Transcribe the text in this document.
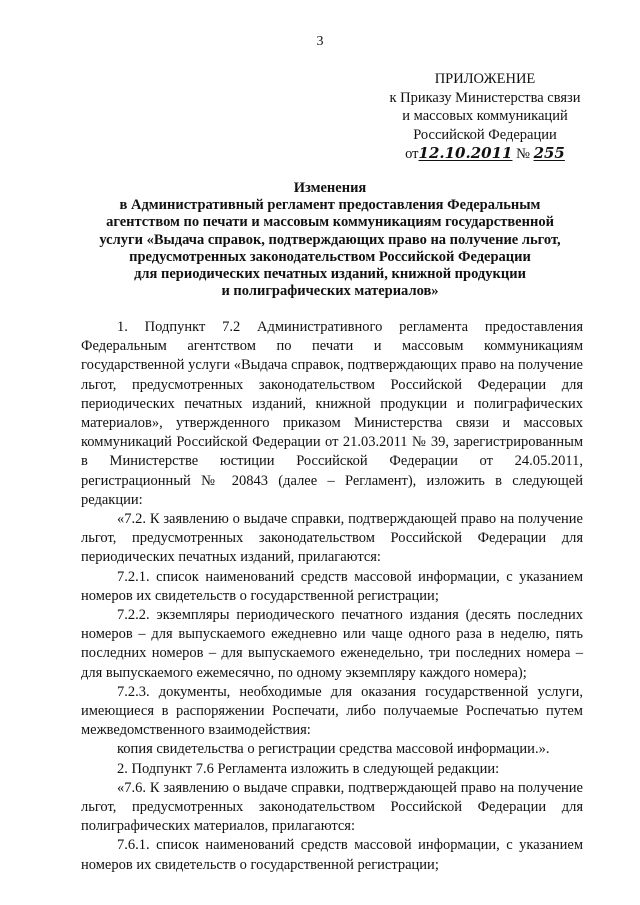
3
ПРИЛОЖЕНИЕ
к Приказу Министерства связи
и массовых коммуникаций
Российской Федерации
от12.10.2011 № 255
Изменения
в Административный регламент предоставления Федеральным
агентством по печати и массовым коммуникациям государственной
услуги «Выдача справок, подтверждающих право на получение льгот,
предусмотренных законодательством Российской Федерации
для периодических печатных изданий, книжной продукции
и полиграфических материалов»

1. Подпункт 7.2 Административного регламента предоставления Федеральным агентством по печати и массовым коммуникациям государственной услуги «Выдача справок, подтверждающих право на получение льгот, предусмотренных законодательством Российской Федерации для периодических печатных изданий, книжной продукции и полиграфических материалов», утвержденного приказом Министерства связи и массовых коммуникаций Российской Федерации от 21.03.2011 № 39, зарегистрированным в Министерстве юстиции Российской Федерации от 24.05.2011, регистрационный № 20843 (далее – Регламент), изложить в следующей редакции:

«7.2. К заявлению о выдаче справки, подтверждающей право на получение льгот, предусмотренных законодательством Российской Федерации для периодических печатных изданий, прилагаются:

7.2.1. список наименований средств массовой информации, с указанием номеров их свидетельств о государственной регистрации;

7.2.2. экземпляры периодического печатного издания (десять последних номеров – для выпускаемого ежедневно или чаще одного раза в неделю, пять последних номеров – для выпускаемого еженедельно, три последних номера – для выпускаемого ежемесячно, по одному экземпляру каждого номера);

7.2.3. документы, необходимые для оказания государственной услуги, имеющиеся в распоряжении Роспечати, либо получаемые Роспечатью путем межведомственного взаимодействия:

копия свидетельства о регистрации средства массовой информации.».

2. Подпункт 7.6 Регламента изложить в следующей редакции:

«7.6. К заявлению о выдаче справки, подтверждающей право на получение льгот, предусмотренных законодательством Российской Федерации для полиграфических материалов, прилагаются:

7.6.1. список наименований средств массовой информации, с указанием номеров их свидетельств о государственной регистрации;
